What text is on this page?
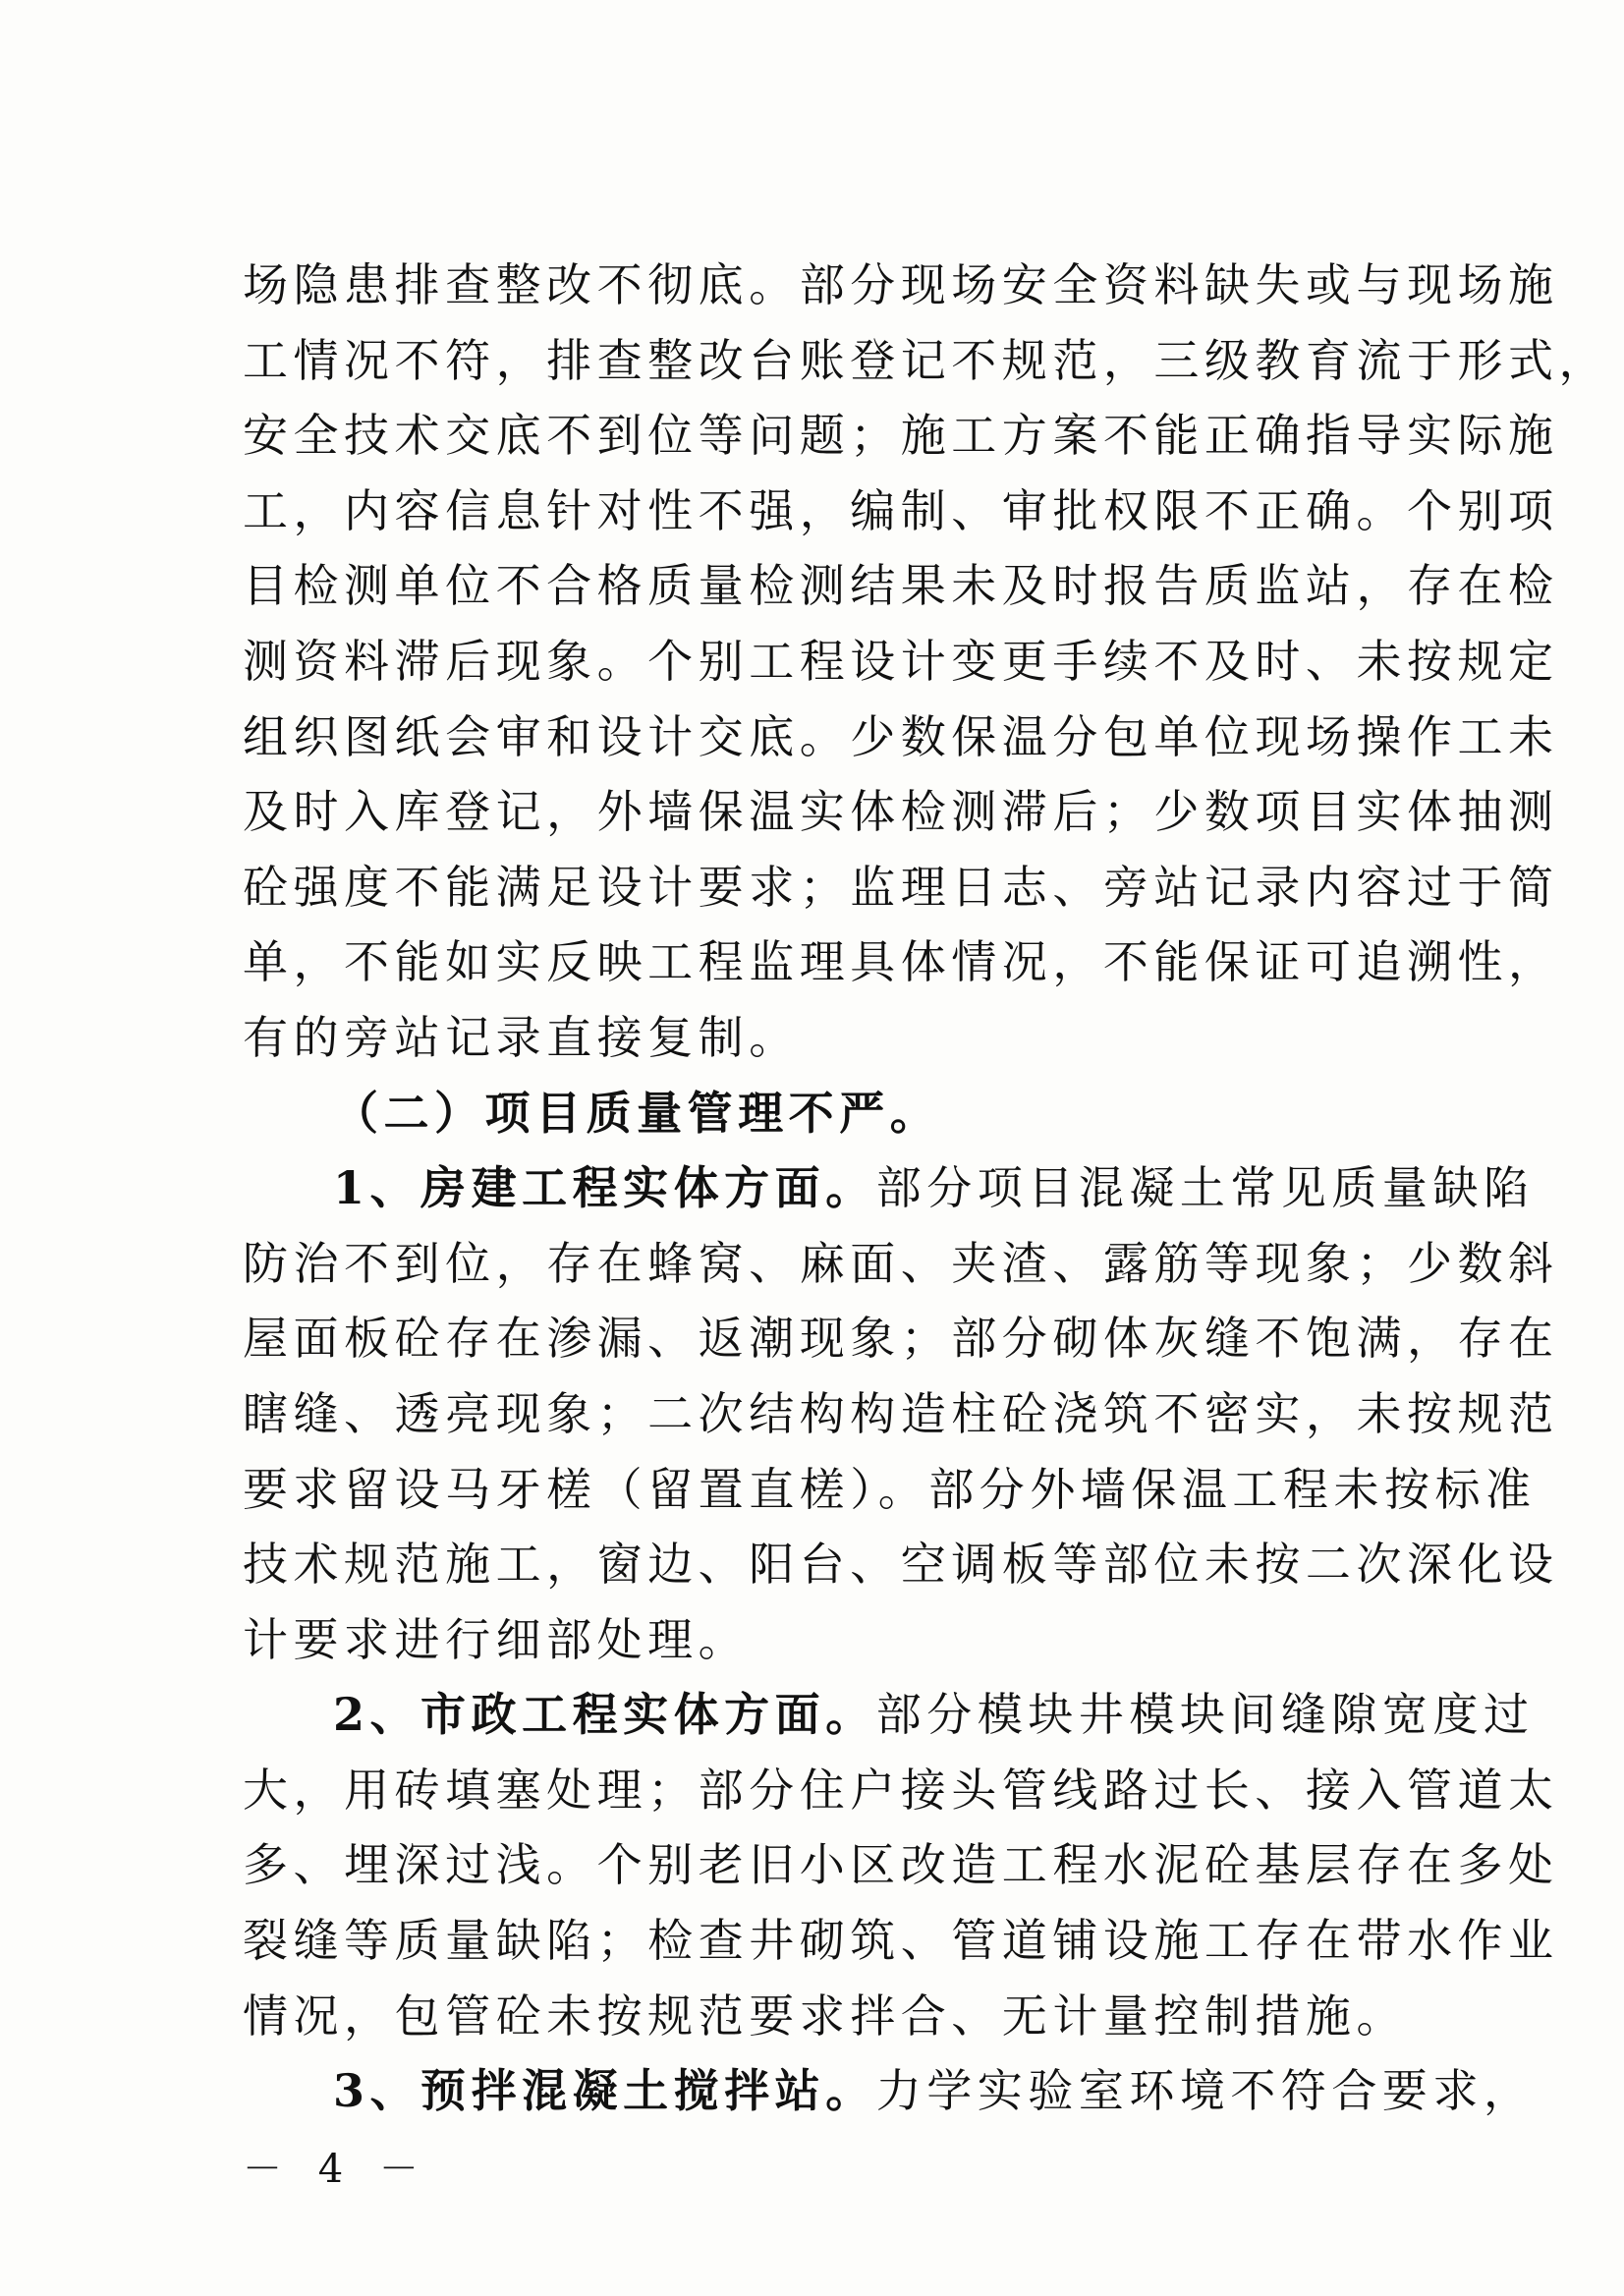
场隐患排查整改不彻底。部分现场安全资料缺失或与现场施
工情况不符，排查整改台账登记不规范，三级教育流于形式，
安全技术交底不到位等问题；施工方案不能正确指导实际施
工，内容信息针对性不强，编制、审批权限不正确。个别项
目检测单位不合格质量检测结果未及时报告质监站，存在检
测资料滞后现象。个别工程设计变更手续不及时、未按规定
组织图纸会审和设计交底。少数保温分包单位现场操作工未
及时入库登记，外墙保温实体检测滞后；少数项目实体抽测
砼强度不能满足设计要求；监理日志、旁站记录内容过于简
单，不能如实反映工程监理具体情况，不能保证可追溯性，
有的旁站记录直接复制。
（二）项目质量管理不严。
1、房建工程实体方面。部分项目混凝土常见质量缺陷
防治不到位，存在蜂窝、麻面、夹渣、露筋等现象；少数斜
屋面板砼存在渗漏、返潮现象；部分砌体灰缝不饱满，存在
瞎缝、透亮现象；二次结构构造柱砼浇筑不密实，未按规范
要求留设马牙槎（留置直槎）。部分外墙保温工程未按标准
技术规范施工，窗边、阳台、空调板等部位未按二次深化设
计要求进行细部处理。
2、市政工程实体方面。部分模块井模块间缝隙宽度过
大，用砖填塞处理；部分住户接头管线路过长、接入管道太
多、埋深过浅。个别老旧小区改造工程水泥砼基层存在多处
裂缝等质量缺陷；检查井砌筑、管道铺设施工存在带水作业
情况，包管砼未按规范要求拌合、无计量控制措施。
3、预拌混凝土搅拌站。力学实验室环境不符合要求，
－ 4 －
